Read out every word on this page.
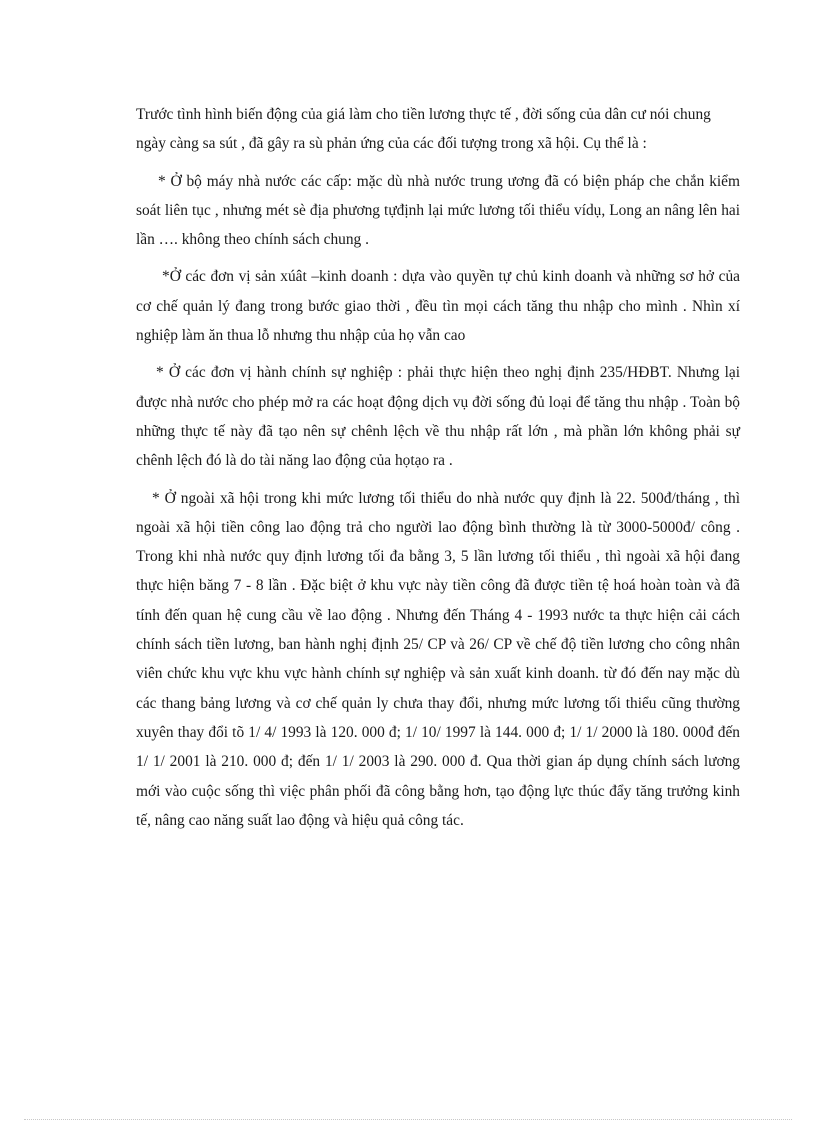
Trước tình hình biến động của giá làm cho tiền lương thực tế , đời sống của dân cư nói chung ngày càng sa sút , đã gây ra sù phản ứng của các đối tượng trong xã hội. Cụ thể là :

* Ở bộ máy nhà nước các cấp: mặc dù nhà nước trung ương đã có biện pháp che chắn kiểm soát liên tục , nhưng mét sè địa phương tựđịnh lại mức lương tối thiểu vídụ, Long an nâng lên hai lần …. không theo chính sách chung .

*Ở các đơn vị sản xúât –kinh doanh : dựa vào quyền tự chủ kinh doanh và những sơ hở của cơ chế quản lý đang trong bước giao thời , đều tìn mọi cách tăng thu nhập cho mình . Nhìn xí nghiệp làm ăn thua lỗ nhưng thu nhập của họ vẫn cao

* Ở các đơn vị hành chính sự nghiệp : phải thực hiện theo nghị định 235/HĐBT. Nhưng lại được nhà nước cho phép mở ra các hoạt động dịch vụ đời sống đủ loại để tăng thu nhập . Toàn bộ những thực tế này đã tạo nên sự chênh lệch về thu nhập rất lớn , mà phần lớn không phải sự chênh lệch đó là do tài năng lao động của họtạo ra .

* Ở ngoài xã hội trong khi mức lương tối thiểu do nhà nước quy định là 22. 500đ/tháng , thì ngoài xã hội tiền công lao động trả cho người lao động bình thường là từ 3000-5000đ/ công . Trong khi nhà nước quy định lương tối đa bằng 3, 5 lần lương tối thiểu , thì ngoài xã hội đang thực hiện băng 7 - 8 lần . Đặc biệt ở khu vực này tiền công đã được tiền tệ hoá hoàn toàn và đã tính đến quan hệ cung cầu về lao động . Nhưng đến Tháng 4 - 1993 nước ta thực hiện cải cách chính sách tiền lương, ban hành nghị định 25/ CP và 26/ CP về chế độ tiền lương cho công nhân viên chức khu vực khu vực hành chính sự nghiệp và sản xuất kinh doanh. từ đó đến nay mặc dù các thang bảng lương và cơ chế quản ly chưa thay đổi, nhưng mức lương tối thiểu cũng thường xuyên thay đổi tõ 1/ 4/ 1993 là 120. 000 đ; 1/ 10/ 1997 là 144. 000 đ; 1/ 1/ 2000 là 180. 000đ đến 1/ 1/ 2001 là 210. 000 đ; đến 1/ 1/ 2003 là 290. 000 đ. Qua thời gian áp dụng chính sách lương mới vào cuộc sống thì việc phân phối đã công bằng hơn, tạo động lực thúc đẩy tăng trưởng kinh tế, nâng cao năng suất lao động và hiệu quả công tác.
